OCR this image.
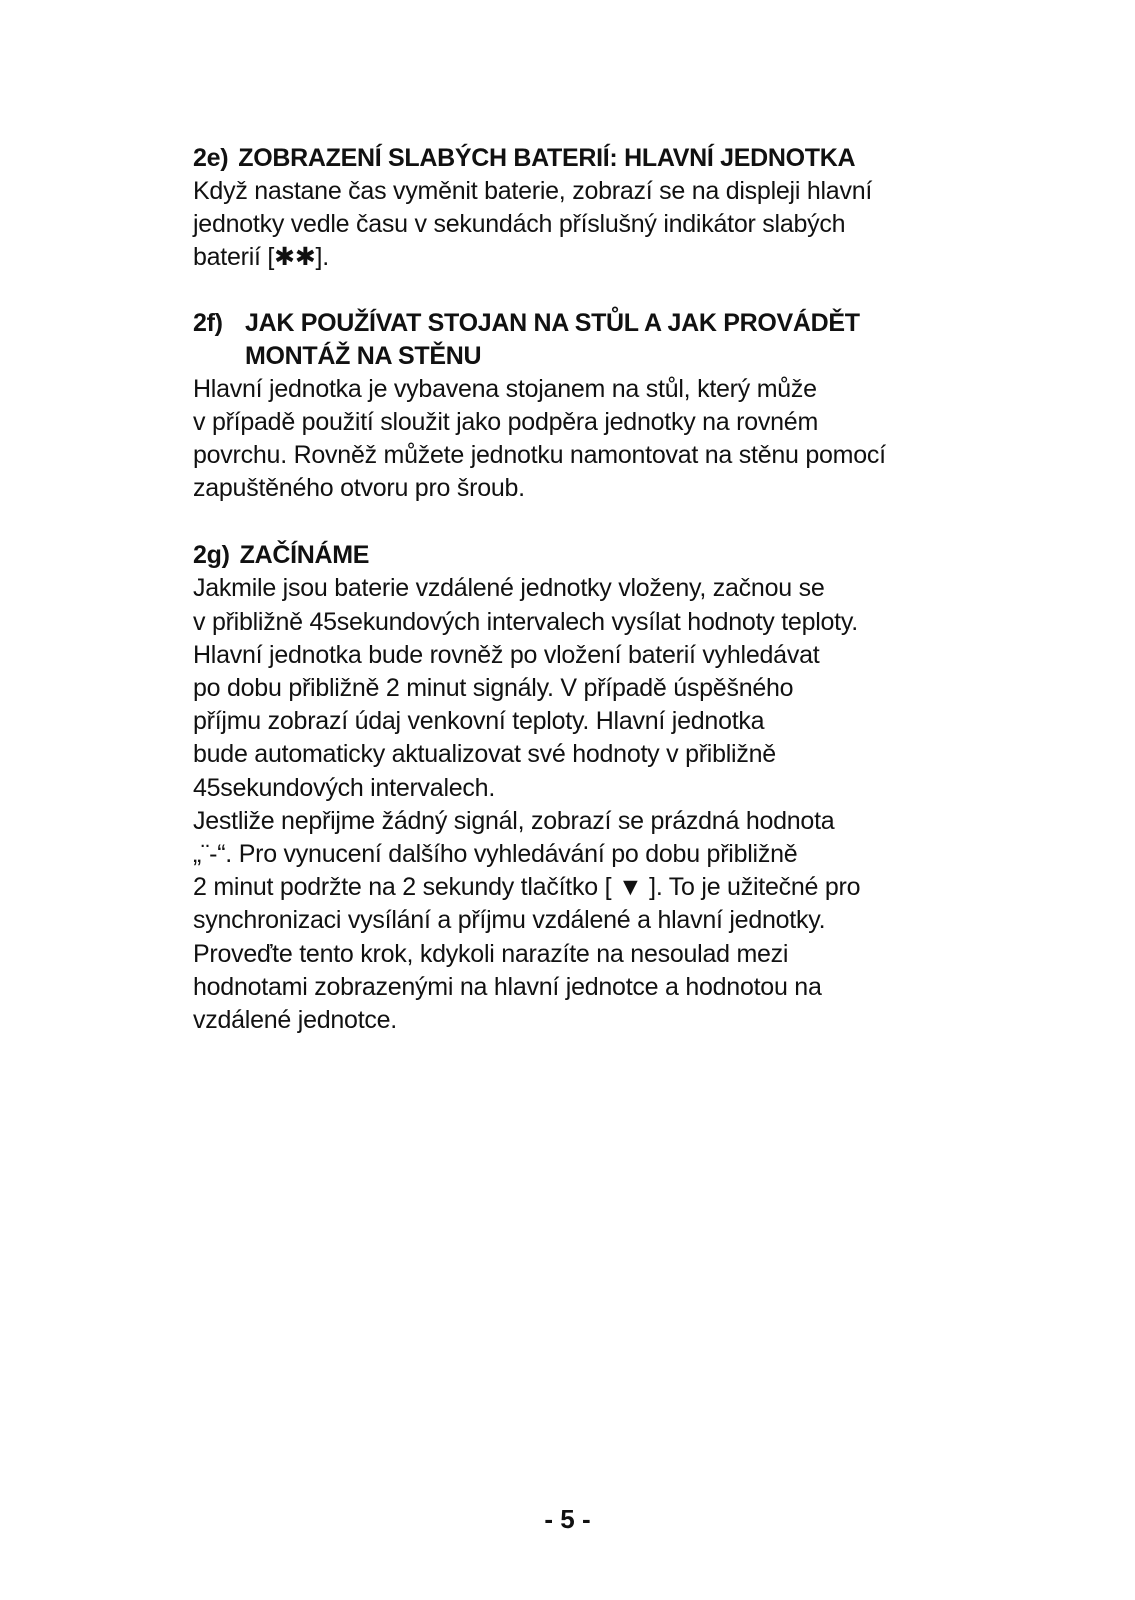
2e) ZOBRAZENÍ SLABÝCH BATERIÍ: HLAVNÍ JEDNOTKA
Když nastane čas vyměnit baterie, zobrazí se na displeji hlavní
jednotky vedle času v sekundách příslušný indikátor slabých
baterií [✱✱].
2f) JAK POUŽÍVAT STOJAN NA STŮL A JAK PROVÁDĚT
MONTÁŽ NA STĚNU
Hlavní jednotka je vybavena stojanem na stůl, který může
v případě použití sloužit jako podpěra jednotky na rovném
povrchu. Rovněž můžete jednotku namontovat na stěnu pomocí
zapuštěného otvoru pro šroub.
2g) ZAČÍNÁME
Jakmile jsou baterie vzdálené jednotky vloženy, začnou se
v přibližně 45sekundových intervalech vysílat hodnoty teploty.
Hlavní jednotka bude rovněž po vložení baterií vyhledávat
po dobu přibližně 2 minut signály. V případě úspěšného
příjmu zobrazí údaj venkovní teploty. Hlavní jednotka
bude automaticky aktualizovat své hodnoty v přibližně
45sekundových intervalech.
Jestliže nepřijme žádný signál, zobrazí se prázdná hodnota
„¨-“. Pro vynucení dalšího vyhledávání po dobu přibližně
2 minut podržte na 2 sekundy tlačítko [ ▼ ]. To je užitečné pro
synchronizaci vysílání a příjmu vzdálené a hlavní jednotky.
Proveďte tento krok, kdykoli narazíte na nesoulad mezi
hodnotami zobrazenými na hlavní jednotce a hodnotou na
vzdálené jednotce.
- 5 -
